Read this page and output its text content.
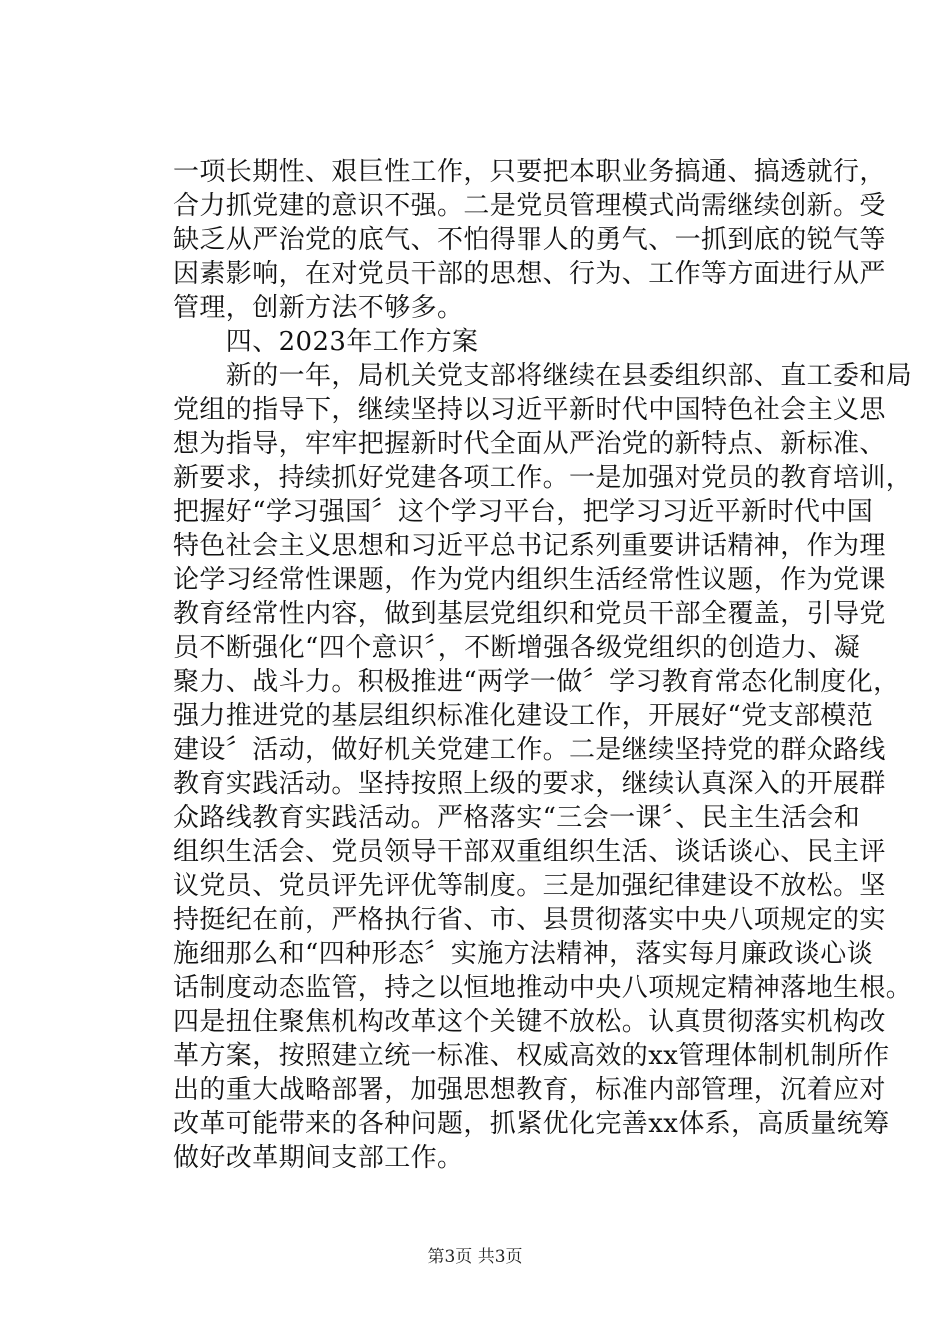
一项长期性、艰巨性工作，只要把本职业务搞通、搞透就行，
合力抓党建的意识不强。二是党员管理模式尚需继续创新。受
缺乏从严治党的底气、不怕得罪人的勇气、一抓到底的锐气等
因素影响，在对党员干部的思想、行为、工作等方面进行从严
管理，创新方法不够多。
　　四、2023年工作方案
　　新的一年，局机关党支部将继续在县委组织部、直工委和局
党组的指导下，继续坚持以习近平新时代中国特色社会主义思
想为指导，牢牢把握新时代全面从严治党的新特点、新标准、
新要求，持续抓好党建各项工作。一是加强对党员的教育培训，
把握好“学习强国〞这个学习平台，把学习习近平新时代中国
特色社会主义思想和习近平总书记系列重要讲话精神，作为理
论学习经常性课题，作为党内组织生活经常性议题，作为党课
教育经常性内容，做到基层党组织和党员干部全覆盖，引导党
员不断强化“四个意识〞，不断增强各级党组织的创造力、凝
聚力、战斗力。积极推进“两学一做〞学习教育常态化制度化，
强力推进党的基层组织标准化建设工作，开展好“党支部模范
建设〞活动，做好机关党建工作。二是继续坚持党的群众路线
教育实践活动。坚持按照上级的要求，继续认真深入的开展群
众路线教育实践活动。严格落实“三会一课〞、民主生活会和
组织生活会、党员领导干部双重组织生活、谈话谈心、民主评
议党员、党员评先评优等制度。三是加强纪律建设不放松。坚
持挺纪在前，严格执行省、市、县贯彻落实中央八项规定的实
施细那么和“四种形态〞实施方法精神，落实每月廉政谈心谈
话制度动态监管，持之以恒地推动中央八项规定精神落地生根。
四是扭住聚焦机构改革这个关键不放松。认真贯彻落实机构改
革方案，按照建立统一标准、权威高效的xx管理体制机制所作
出的重大战略部署，加强思想教育，标准内部管理，沉着应对
改革可能带来的各种问题，抓紧优化完善xx体系，高质量统筹
做好改革期间支部工作。
第3页 共3页
